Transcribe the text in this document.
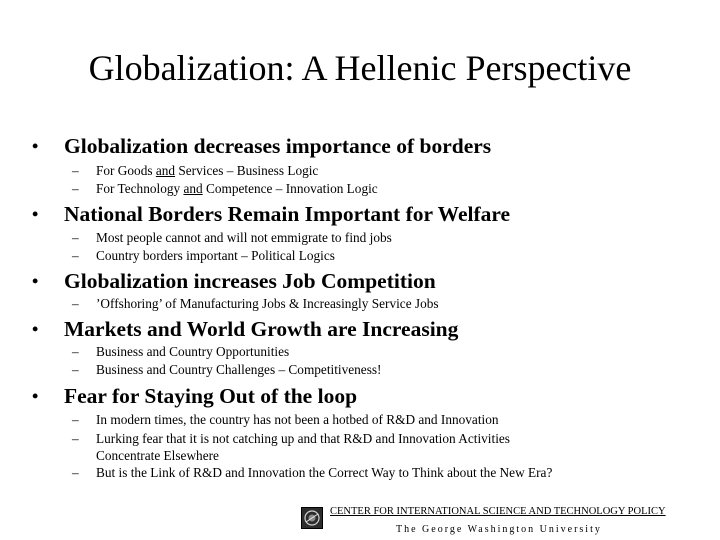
Globalization: A Hellenic Perspective
• Globalization decreases importance of borders
– For Goods and Services – Business Logic
– For Technology and Competence – Innovation Logic
• National Borders Remain Important for Welfare
– Most people cannot and will not emmigrate to find jobs
– Country borders important – Political Logics
• Globalization increases Job Competition
– ’Offshoring’ of Manufacturing Jobs & Increasingly Service Jobs
• Markets and World Growth are Increasing
– Business and Country Opportunities
– Business and Country Challenges – Competitiveness!
• Fear for Staying Out of the loop
– In modern times, the country has not been a hotbed of R&D and Innovation
– Lurking fear that it is not catching up and that R&D and Innovation Activities
Concentrate Elsewhere
– But is the Link of R&D and Innovation the Correct Way to Think about the New Era?
CENTER FOR INTERNATIONAL SCIENCE AND TECHNOLOGY POLICY
The George Washington University
